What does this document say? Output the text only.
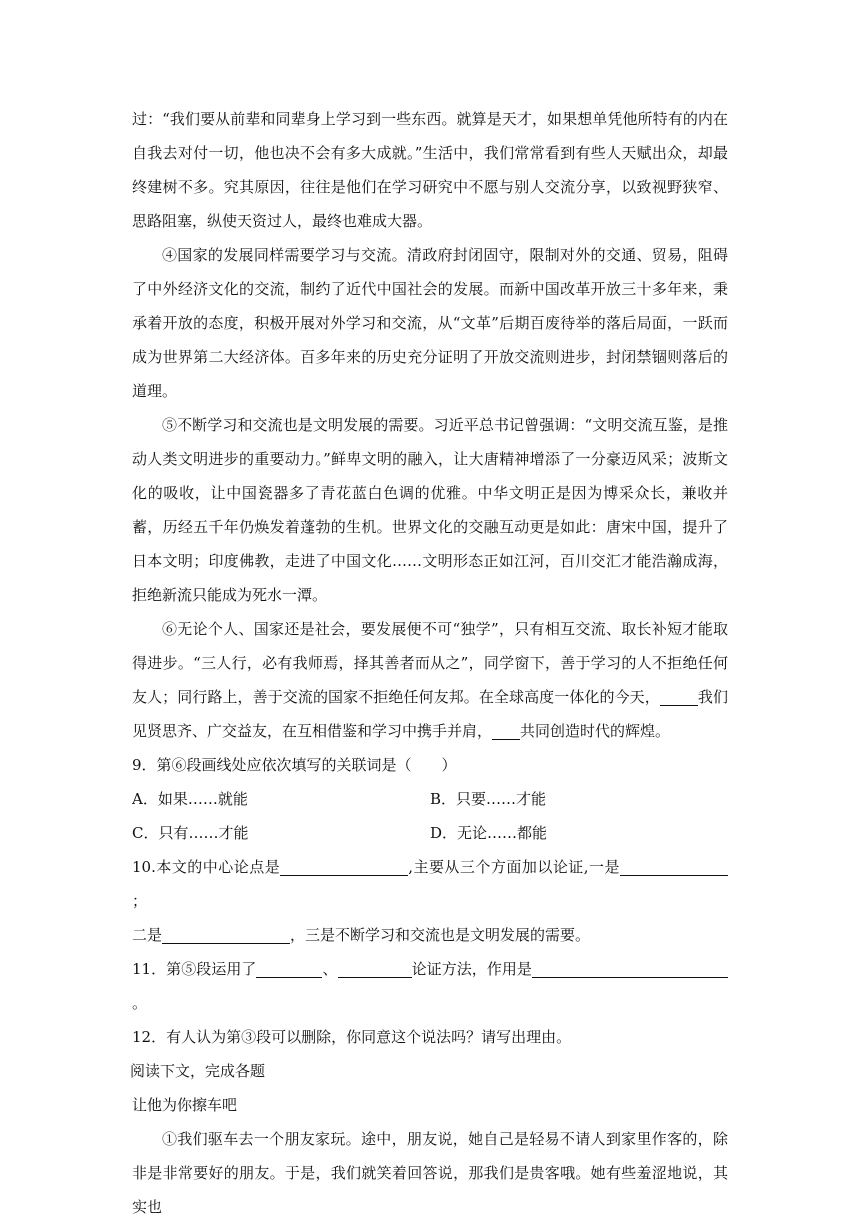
过：“我们要从前辈和同辈身上学习到一些东西。就算是天才，如果想单凭他所特有的内在自我去对付一切，他也决不会有多大成就。”生活中，我们常常看到有些人天赋出众，却最终建树不多。究其原因，往往是他们在学习研究中不愿与别人交流分享，以致视野狭窄、思路阻塞，纵使天资过人，最终也难成大器。

④国家的发展同样需要学习与交流。清政府封闭固守，限制对外的交通、贸易，阻碍了中外经济文化的交流，制约了近代中国社会的发展。而新中国改革开放三十多年来，秉承着开放的态度，积极开展对外学习和交流，从“文革”后期百废待举的落后局面，一跃而成为世界第二大经济体。百多年来的历史充分证明了开放交流则进步，封闭禁锢则落后的道理。

⑤不断学习和交流也是文明发展的需要。习近平总书记曾强调：“文明交流互鉴，是推动人类文明进步的重要动力。”鲜卑文明的融入，让大唐精神增添了一分豪迈风采；波斯文化的吸收，让中国瓷器多了青花蓝白色调的优雅。中华文明正是因为博采众长，兼收并蓄，历经五千年仍焕发着蓬勃的生机。世界文化的交融互动更是如此：唐宋中国，提升了日本文明；印度佛教，走进了中国文化……文明形态正如江河，百川交汇才能浩瀚成海，拒绝新流只能成为死水一潭。

⑥无论个人、国家还是社会，要发展便不可“独学”，只有相互交流、取长补短才能取得进步。“三人行，必有我师焉，择其善者而从之”，同学窗下，善于学习的人不拒绝任何友人；同行路上，善于交流的国家不拒绝任何友邦。在全球高度一体化的今天，	我们见贤思齐、广交益友，在互相借鉴和学习中携手并肩， 共同创造时代的辉煌。

9．第⑥段画线处应依次填写的关联词是（　　）

A．如果……就能	B．只要……才能
C．只有……才能	D．无论……都能

10.本文的中心论点是	,主要从三个方面加以论证,一是；

二是	，三是不断学习和交流也是文明发展的需要。

11．第⑤段运用了	、	论证方法，作用是。

12．有人认为第③段可以删除，你同意这个说法吗？请写出理由。

阅读下文，完成各题

让他为你擦车吧

①我们驱车去一个朋友家玩。途中，朋友说，她自己是轻易不请人到家里作客的，除非是非常要好的朋友。于是，我们就笑着回答说，那我们是贵客哦。她有些羞涩地说，其实也
